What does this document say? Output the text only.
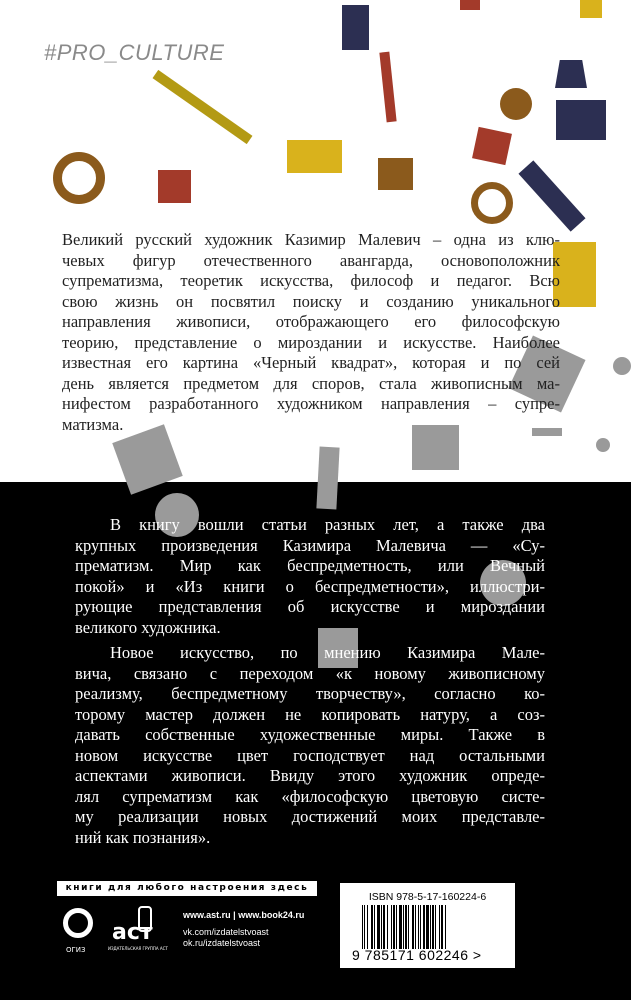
#PRO_CULTURE
Великий русский художник Казимир Малевич – одна из клю-
чевых фигур отечественного авангарда, основоположник
супрематизма, теоретик искусства, философ и педагог. Всю
свою жизнь он посвятил поиску и созданию уникального
направления живописи, отображающего его философскую
теорию, представление о мироздании и искусстве. Наиболее
известная его картина «Черный квадрат», которая и по сей
день является предметом для споров, стала живописным ма-
нифестом разработанного художником направления – супре-
матизма.
В книгу вошли статьи разных лет, а также два
крупных произведения Казимира Малевича — «Су-
прематизм. Мир как беспредметность, или Вечный
покой» и «Из книги о беспредметности», иллюстри-
рующие представления об искусстве и мироздании
великого художника.
Новое искусство, по мнению Казимира Мале-
вича, связано с переходом «к новому живописному
реализму, беспредметному творчеству», согласно ко-
торому мастер должен не копировать натуру, а соз-
давать собственные художественные миры. Также в
новом искусстве цвет господствует над остальными
аспектами живописи. Ввиду этого художник опреде-
лял супрематизм как «философскую цветовую систе-
му реализации новых достижений моих представле-
ний как познания».
книги для любого настроения здесь
ОГИЗ
аст
ИЗДАТЕЛЬСКАЯ ГРУППА АСТ
www.ast.ru | www.book24.ru
vk.com/izdatelstvoast
ok.ru/izdatelstvoast
ISBN 978-5-17-160224-6
9 785171 602246 >
